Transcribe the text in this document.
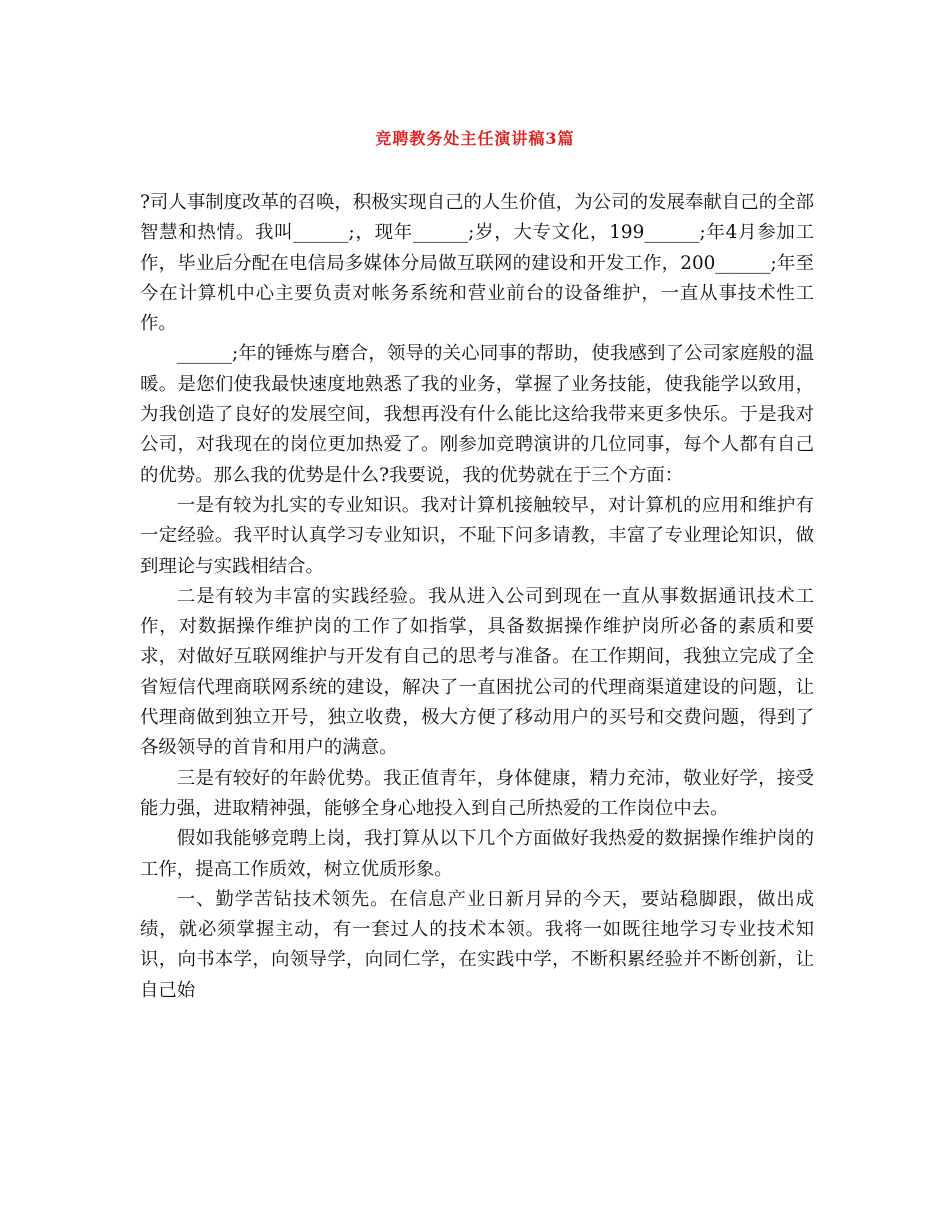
竞聘教务处主任演讲稿3篇

?司人事制度改革的召唤，积极实现自己的人生价值，为公司的发展奉献自己的全部智慧和热情。我叫______;，现年______;岁，大专文化，199______;年4月参加工作，毕业后分配在电信局多媒体分局做互联网的建设和开发工作，200______;年至今在计算机中心主要负责对帐务系统和营业前台的设备维护，一直从事技术性工作。

______;年的锤炼与磨合，领导的关心同事的帮助，使我感到了公司家庭般的温暖。是您们使我最快速度地熟悉了我的业务，掌握了业务技能，使我能学以致用，为我创造了良好的发展空间，我想再没有什么能比这给我带来更多快乐。于是我对公司，对我现在的岗位更加热爱了。刚参加竞聘演讲的几位同事，每个人都有自己的优势。那么我的优势是什么?我要说，我的优势就在于三个方面：

一是有较为扎实的专业知识。我对计算机接触较早，对计算机的应用和维护有一定经验。我平时认真学习专业知识，不耻下问多请教，丰富了专业理论知识，做到理论与实践相结合。

二是有较为丰富的实践经验。我从进入公司到现在一直从事数据通讯技术工作，对数据操作维护岗的工作了如指掌，具备数据操作维护岗所必备的素质和要求，对做好互联网维护与开发有自己的思考与准备。在工作期间，我独立完成了全省短信代理商联网系统的建设，解决了一直困扰公司的代理商渠道建设的问题，让代理商做到独立开号，独立收费，极大方便了移动用户的买号和交费问题，得到了各级领导的首肯和用户的满意。

三是有较好的年龄优势。我正值青年，身体健康，精力充沛，敬业好学，接受能力强，进取精神强，能够全身心地投入到自己所热爱的工作岗位中去。

假如我能够竞聘上岗，我打算从以下几个方面做好我热爱的数据操作维护岗的工作，提高工作质效，树立优质形象。

一、勤学苦钻技术领先。在信息产业日新月异的今天，要站稳脚跟，做出成绩，就必须掌握主动，有一套过人的技术本领。我将一如既往地学习专业技术知识，向书本学，向领导学，向同仁学，在实践中学，不断积累经验并不断创新，让自己始
